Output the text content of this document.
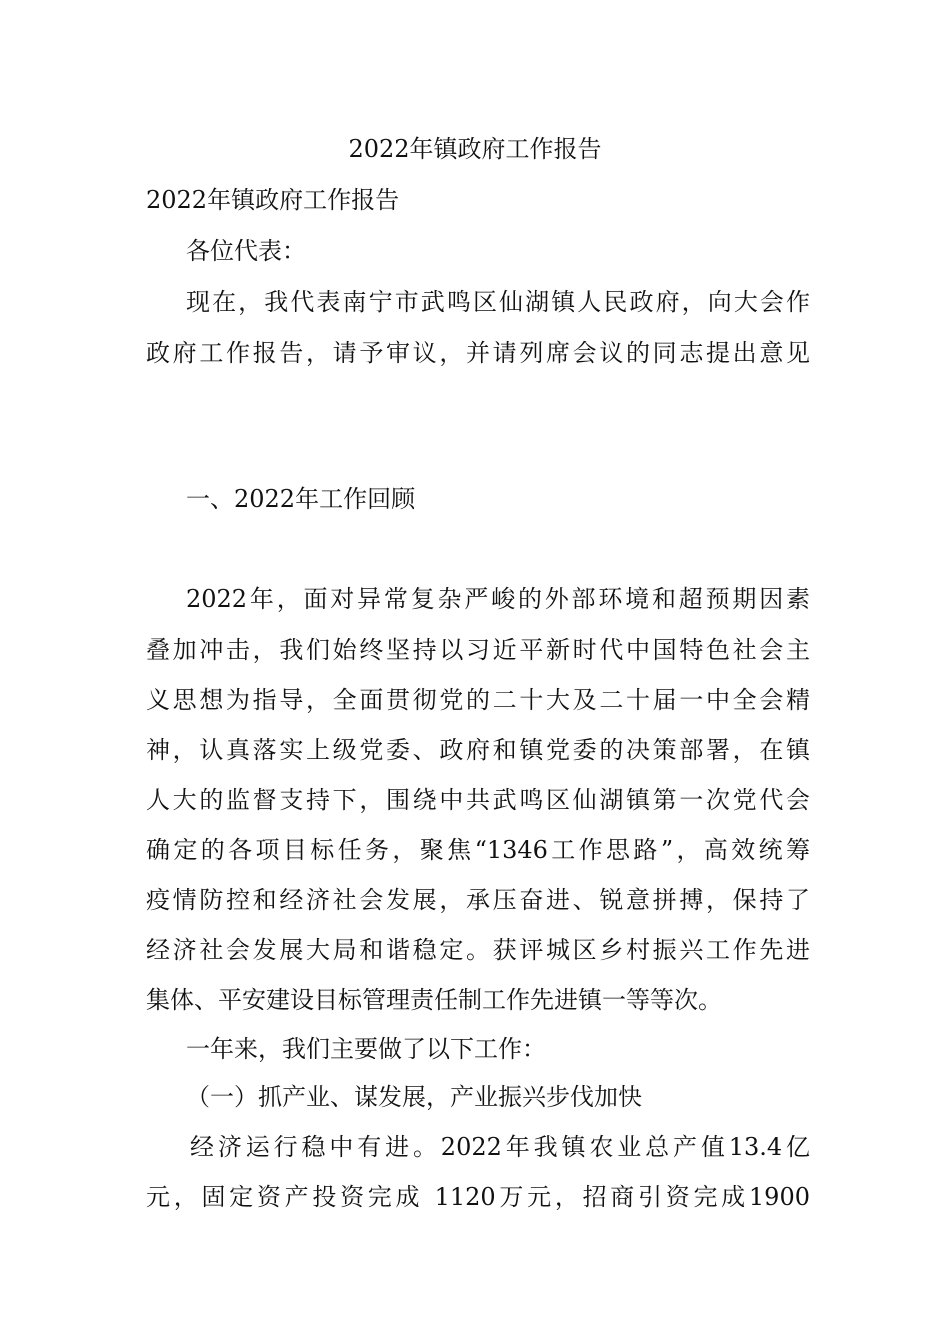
2022年镇政府工作报告
2022年镇政府工作报告
各位代表：
现在，我代表南宁市武鸣区仙湖镇人民政府，向大会作
政府工作报告，请予审议，并请列席会议的同志提出意见
一、2022年工作回顾
2022年，面对异常复杂严峻的外部环境和超预期因素
叠加冲击，我们始终坚持以习近平新时代中国特色社会主
义思想为指导，全面贯彻党的二十大及二十届一中全会精
神，认真落实上级党委、政府和镇党委的决策部署，在镇
人大的监督支持下，围绕中共武鸣区仙湖镇第一次党代会
确定的各项目标任务，聚焦“1346工作思路”，高效统筹
疫情防控和经济社会发展，承压奋进、锐意拼搏，保持了
经济社会发展大局和谐稳定。获评城区乡村振兴工作先进
集体、平安建设目标管理责任制工作先进镇一等等次。
一年来，我们主要做了以下工作：
（一）抓产业、谋发展，产业振兴步伐加快
经济运行稳中有进。2022年我镇农业总产值13.4亿
元，固定资产投资完成 1120万元，招商引资完成1900
